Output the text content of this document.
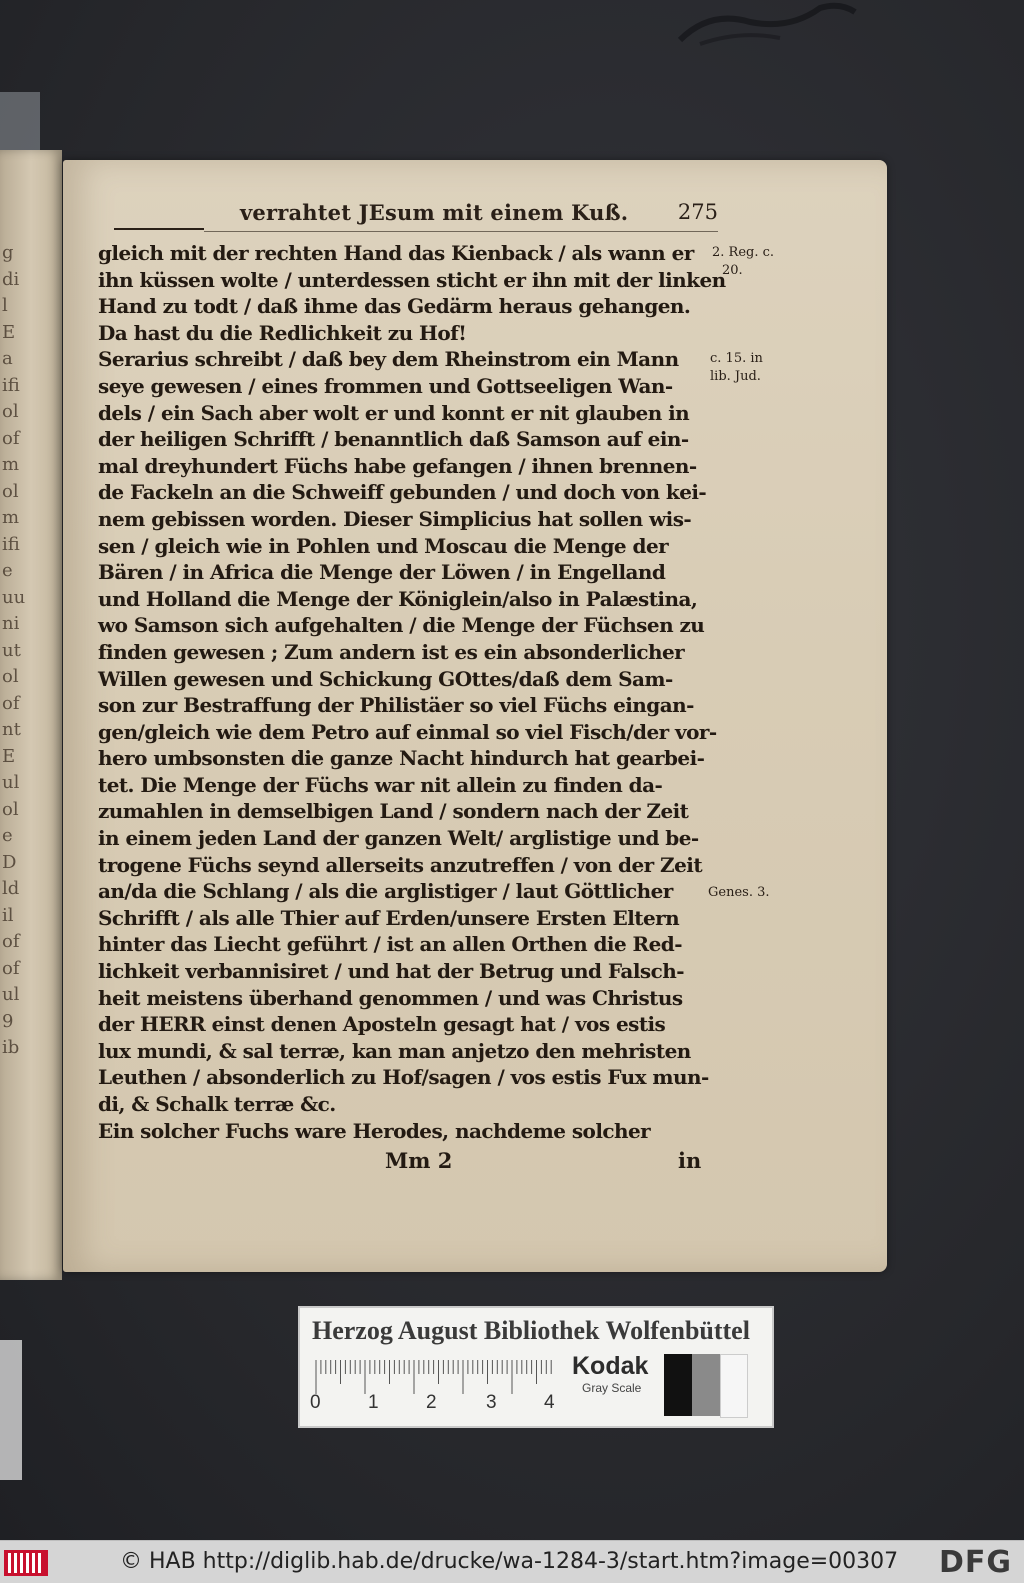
g
di
l
E
a
ifi
ol
of
m
ol
m
ifi
e
uu
ni
ut
ol
of
nt
E
ul
ol
e
D
ld
il
of
of
ul
9
ib
verrahtet JEsum mit einem Kuß. 275
gleich mit der rechten Hand das Kienback / als wann er
ihn küssen wolte / unterdessen sticht er ihn mit der linken
Hand zu todt / daß ihme das Gedärm heraus gehangen.
Da hast du die Redlichkeit zu Hof!
Serarius schreibt / daß bey dem Rheinstrom ein Mann
seye gewesen / eines frommen und Gottseeligen Wan-
dels / ein Sach aber wolt er und konnt er nit glauben in
der heiligen Schrifft / benanntlich daß Samson auf ein-
mal dreyhundert Füchs habe gefangen / ihnen brennen-
de Fackeln an die Schweiff gebunden / und doch von kei-
nem gebissen worden. Dieser Simplicius hat sollen wis-
sen / gleich wie in Pohlen und Moscau die Menge der
Bären / in Africa die Menge der Löwen / in Engelland
und Holland die Menge der Königlein/also in Palæstina,
wo Samson sich aufgehalten / die Menge der Füchsen zu
finden gewesen ; Zum andern ist es ein absonderlicher
Willen gewesen und Schickung GOttes/daß dem Sam-
son zur Bestraffung der Philistäer so viel Füchs eingan-
gen/gleich wie dem Petro auf einmal so viel Fisch/der vor-
hero umbsonsten die ganze Nacht hindurch hat gearbei-
tet. Die Menge der Füchs war nit allein zu finden da-
zumahlen in demselbigen Land / sondern nach der Zeit
in einem jeden Land der ganzen Welt/ arglistige und be-
trogene Füchs seynd allerseits anzutreffen / von der Zeit
an/da die Schlang / als die arglistiger / laut Göttlicher
Schrifft / als alle Thier auf Erden/unsere Ersten Eltern
hinter das Liecht geführt / ist an allen Orthen die Red-
lichkeit verbannisiret / und hat der Betrug und Falsch-
heit meistens überhand genommen / und was Christus
der HERR einst denen Aposteln gesagt hat / vos estis
lux mundi, & sal terræ, kan man anjetzo den mehristen
Leuthen / absonderlich zu Hof/sagen / vos estis Fux mun-
di, & Schalk terræ &c.
Ein solcher Fuchs ware Herodes, nachdeme solcher
2. Reg. c.
20.
c. 15. in
lib. Jud.
Genes. 3.
Mm 2	in
Herzog August Bibliothek Wolfenbüttel
0 1 2	3 4
Kodak
Gray Scale
© HAB http://diglib.hab.de/drucke/wa-1284-3/start.htm?image=00307 DFG
